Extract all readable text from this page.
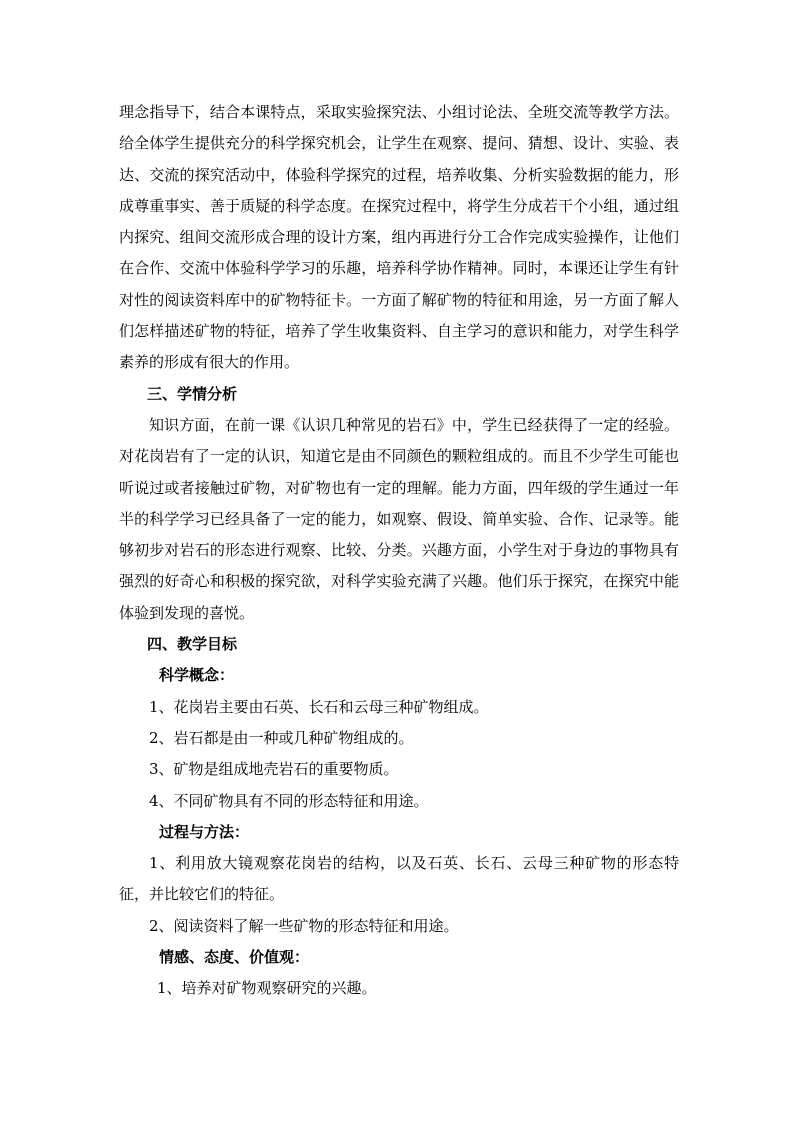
理念指导下，结合本课特点，采取实验探究法、小组讨论法、全班交流等教学方法。给全体学生提供充分的科学探究机会，让学生在观察、提问、猜想、设计、实验、表达、交流的探究活动中，体验科学探究的过程，培养收集、分析实验数据的能力，形成尊重事实、善于质疑的科学态度。在探究过程中，将学生分成若干个小组，通过组内探究、组间交流形成合理的设计方案，组内再进行分工合作完成实验操作，让他们在合作、交流中体验科学学习的乐趣，培养科学协作精神。同时，本课还让学生有针对性的阅读资料库中的矿物特征卡。一方面了解矿物的特征和用途，另一方面了解人们怎样描述矿物的特征，培养了学生收集资料、自主学习的意识和能力，对学生科学素养的形成有很大的作用。

三、学情分析

知识方面，在前一课《认识几种常见的岩石》中，学生已经获得了一定的经验。对花岗岩有了一定的认识，知道它是由不同颜色的颗粒组成的。而且不少学生可能也听说过或者接触过矿物，对矿物也有一定的理解。能力方面，四年级的学生通过一年半的科学学习已经具备了一定的能力，如观察、假设、简单实验、合作、记录等。能够初步对岩石的形态进行观察、比较、分类。兴趣方面，小学生对于身边的事物具有强烈的好奇心和积极的探究欲，对科学实验充满了兴趣。他们乐于探究，在探究中能体验到发现的喜悦。

四、教学目标

科学概念：

1、花岗岩主要由石英、长石和云母三种矿物组成。

2、岩石都是由一种或几种矿物组成的。

3、矿物是组成地壳岩石的重要物质。

4、不同矿物具有不同的形态特征和用途。

过程与方法：

1、利用放大镜观察花岗岩的结构，以及石英、长石、云母三种矿物的形态特征，并比较它们的特征。

2、阅读资料了解一些矿物的形态特征和用途。

情感、态度、价值观：

1、培养对矿物观察研究的兴趣。
